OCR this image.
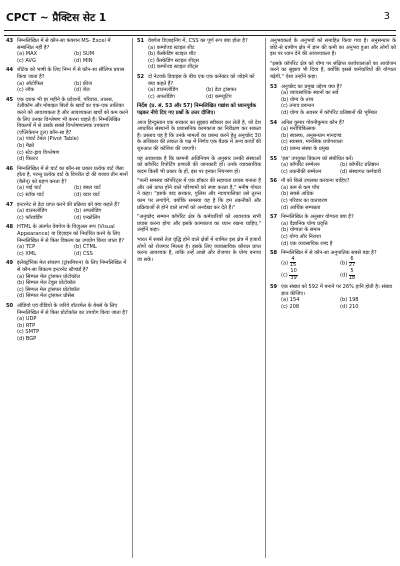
CPCT ~ प्रैक्टिस सेट 1	3
43 निम्नलिखित में से कौन-सा फंक्शन MS- Excel में सम्बन्धित नहीं है?

(a) MAX	(b) SUM
(c) AVG	(d) MIN
44 शीटेक को भाषी के लिए निम्न में से कौन-सा सौलिफ प्रयास किया जाता है?

(a) ऑटोफिल	(b) फ्रीज
(c) लॉक	(d) रोल
45 एक दशक भी हर महीने के प्रदेशनों, परिवारा, तालस, टेलीकॉम और मोबाइल बिलों के खर्चों का एक-एक तालिका करने को आवश्यकता है और आवश्यकता खर्चों को कम करने के लिए उनका विश्लेषण भी करना चाहते हैं। निम्नलिखित विकल्पों में से उसके सबसे विश्लेषणात्मक उपकरण (एप्लिकेशन टूल) कौन-सा है?

(a) पावर्ट टेबल (Pivot Table)
(b) मैक्रो
(c) स्टेट-ड्राय विश्लेषण
(d) फ़िल्टर
46 निम्नलिखित में से चार्ट का कौन-सा प्रकार प्रत्येक वार्ट जैसा होता है, परन्तु प्रत्येक वार्ट के विपरीत दो की बजाय तीन मानों (बैलेन्) को ग्रहण करता है?

(a) पाई चार्ट	(b) बबल चार्ट
(c) स्टॉक चार्ट	(d) रडार चार्ट
47 इन्टरनेट से डेटा प्राप्त करने की प्रक्रिया को क्या कहते हैं?

(a) डाउनलोडिंग	(b) अपलोडिंग
(c) फॉरवर्डिंग	(d) एन्क्रोलिंग
48 HTML के अंतर्गत वेबपेज के विज़ुअल रूप (Visual Appearance) या डिज़ाइन को निर्धारित करने के लिए निम्नलिखित में से किस विकल्प का उपयोग किया जाता है?

(a) TCP	(b) CTML
(c) XML	(d) CSS
49 इलेक्ट्रॉनिक मेल संचरण (ट्रांसमिशन) के लिए निम्नलिखित में से कौन-सा विकल्प इन्टरनेट स्टैण्डर्ड है?

(a) सिम्पल मेल ट्रांसफर प्रोटोकॉल
(b) सिम्पल मेल टेबुल प्रोटोकॉल
(c) सिम्पल मेल ट्रांसफर प्रोटोकॉल
(d) सिम्पल मेल ट्रांसफर प्रोसेस
50 ऑडियो एवं वीडियो के जरिये वॉटरमेल के बेबसे के लिए निम्नलिखित में से किस प्रोटोकॉल का उपयोग किया जाता है?

(a) UDP
(b) RTP
(c) SMTP
(d) BGP
51 वेबपेज डिज़ाइनिंग में, CSS का पूर्ण रूप क्या होता है?

(a) कम्पोज्ड स्टाइल शीट
(b) कैस्केडिंग स्टाइल शीट
(c) कैस्केडिंग स्टाइल शीट्स
(d) कम्पोज्ड स्टाइल शीट्स
52 दो नेटवर्क डिवाइस के बीच एक एक कनेक्टर को जोड़ने को क्या कहते हैं?

(a) डाउनलोडिंग	(b) डेटा ट्रांसफर
(c) अपलोडिंग	(d) कम्प्यूटिंग
निर्देश (प्र. सं. 53 और 57) निम्नलिखित गद्यांश को ध्यानपूर्वक पढ़कर नीचे दिए गए प्रश्नों के उत्तर दीजिए।

आज हिन्दुस्तान एक सरकार का सुझाव स्वीकार कर लेती है, जो देश आधारित संस्थानों के प्रशासनिक कामकाज का निरीक्षण कर सकता है। प्रस्ताव यह है कि उनके मामलों का प्रबन्ध करने हेतु अनुच्छेद 30 के अधिकार की ताकत के पक्ष में निर्णय एक बैठक में अन्य कार्यों की शुरुआत की कोशिश की जाएगी।

यह आवश्यक है कि कम्पनी अधिनियम के अनुसार उनकी संस्थाओं को कॉर्पोरेट रिपोर्टिंग प्रणाली की जानकारी हो। उनके व्यावसायिक कदम किसी भी प्रकार के हों, इस पर इनका नियन्त्रण हो।

"पत्नी समस्या कॉर्पोरेट्स में एक डॉक्टर की सहायता प्रयास बनाता है और उसे प्राप्त होने वाले परिणामों को स्पष्ट करता है," मनीष गोयल ने कहा। "इसके बाद सरकार, पुलिस और न्यायपालिका उसे तुरन्त काम पर लगाएँगे, क्योंकि समस्या यह है कि हम तकनीकों और प्रक्रियाओं से होने वाले लाभों को अनदेखा कर देते हैं।"

"अनुच्छेद सम्मान कॉर्पोरेट क्षेत्र के कर्मचारियों को आवश्यक सभी प्रयास करना होगा और इसके कामकाज का ध्यान रखना चाहिए," उन्होंने कहा।

भारत में सबसे तेज़ वृद्धि होने वाले क्षेत्रों में शामिल इस क्षेत्र में हजारों लोगों को रोजगार मिलता है। इसके लिए व्यावसायिक कौशल प्राप्त करना आवश्यक है, ताकि उन्हें अच्छे और रोजगार के योग्य बनाया जा सके।

अनुभवकर्ता के अनुभवों को समाहित किया गया है। अनुसन्धान के छोटे-से ग्रामीण क्षेत्र में ज्ञान की कमी का अनुभव हुआ और लोगों को इस पर ध्यान देने की आवश्यकता है।

"इसके कॉर्पोरेट क्षेत्र को योग्य पर संक्षिप्त कार्यशालाओं का आयोजन करने का सुझाव भी दिया है, क्योंकि इससे कर्मचारियों की योग्यता बढ़ेगी," ऐसा उन्होंने कहा।

53 अनुच्छेद का प्रमुख उद्देश्य क्या है?

(a) व्यावसायिक स्थानों का सर्वे
(b) योग्य के तथ्य
(c) तनाव प्रबन्धन
(d) योग्य के अवसर में कॉर्पोरेट प्रतिष्ठानों की भूमिका
54 अनिल कुमार गोयनीकुमार कौन हैं?

(a) मनोचिकित्सक
(b) स्वास्थ्य, अनुसन्धान मानदण्ड
(c) स्वास्थ्य, मानसिक प्रयोगशाला
(d) प्रबन्ध संस्था के प्रमुख
55 'इस' उपयुक्त विकल्प को संबोधित करें।

(a) कॉर्पोरेट सम्मेलन	(b) कॉर्पोरेट प्रतिष्ठान
(c) तकनीकी सम्मेलन	(d) संस्थागत कर्मचारी
56 नौ को किसे उपलब्ध करवाना चाहिए?

(a) कम से कम पाँच
(b) सबसे अधिक
(c) परिवार का वातावरण
(d) आर्थिक सम्पन्नता
57 निम्नलिखित के अनुसार योग्यता क्या है?

(a) वैज्ञानिक योग्य प्रवृत्ति
(b) योग्यता के समान
(c) योग्य और निराशा
(d) एक व्यवसायिक शब्द है
58 निम्नलिखित में से कौन-सा अनुपातिक सबसे बड़ा है?

$(a) \frac{4}{15}$	$(b) \frac{6}{27}$
$(c) \frac{10}{39}$	$(d) \frac{5}{18}$
59 एक संख्या को 592 में बनाने पर 26% हानि होती है। संख्या ज्ञात कीजिए।

(a) 154	(b) 198
(c) 208	(d) 210
